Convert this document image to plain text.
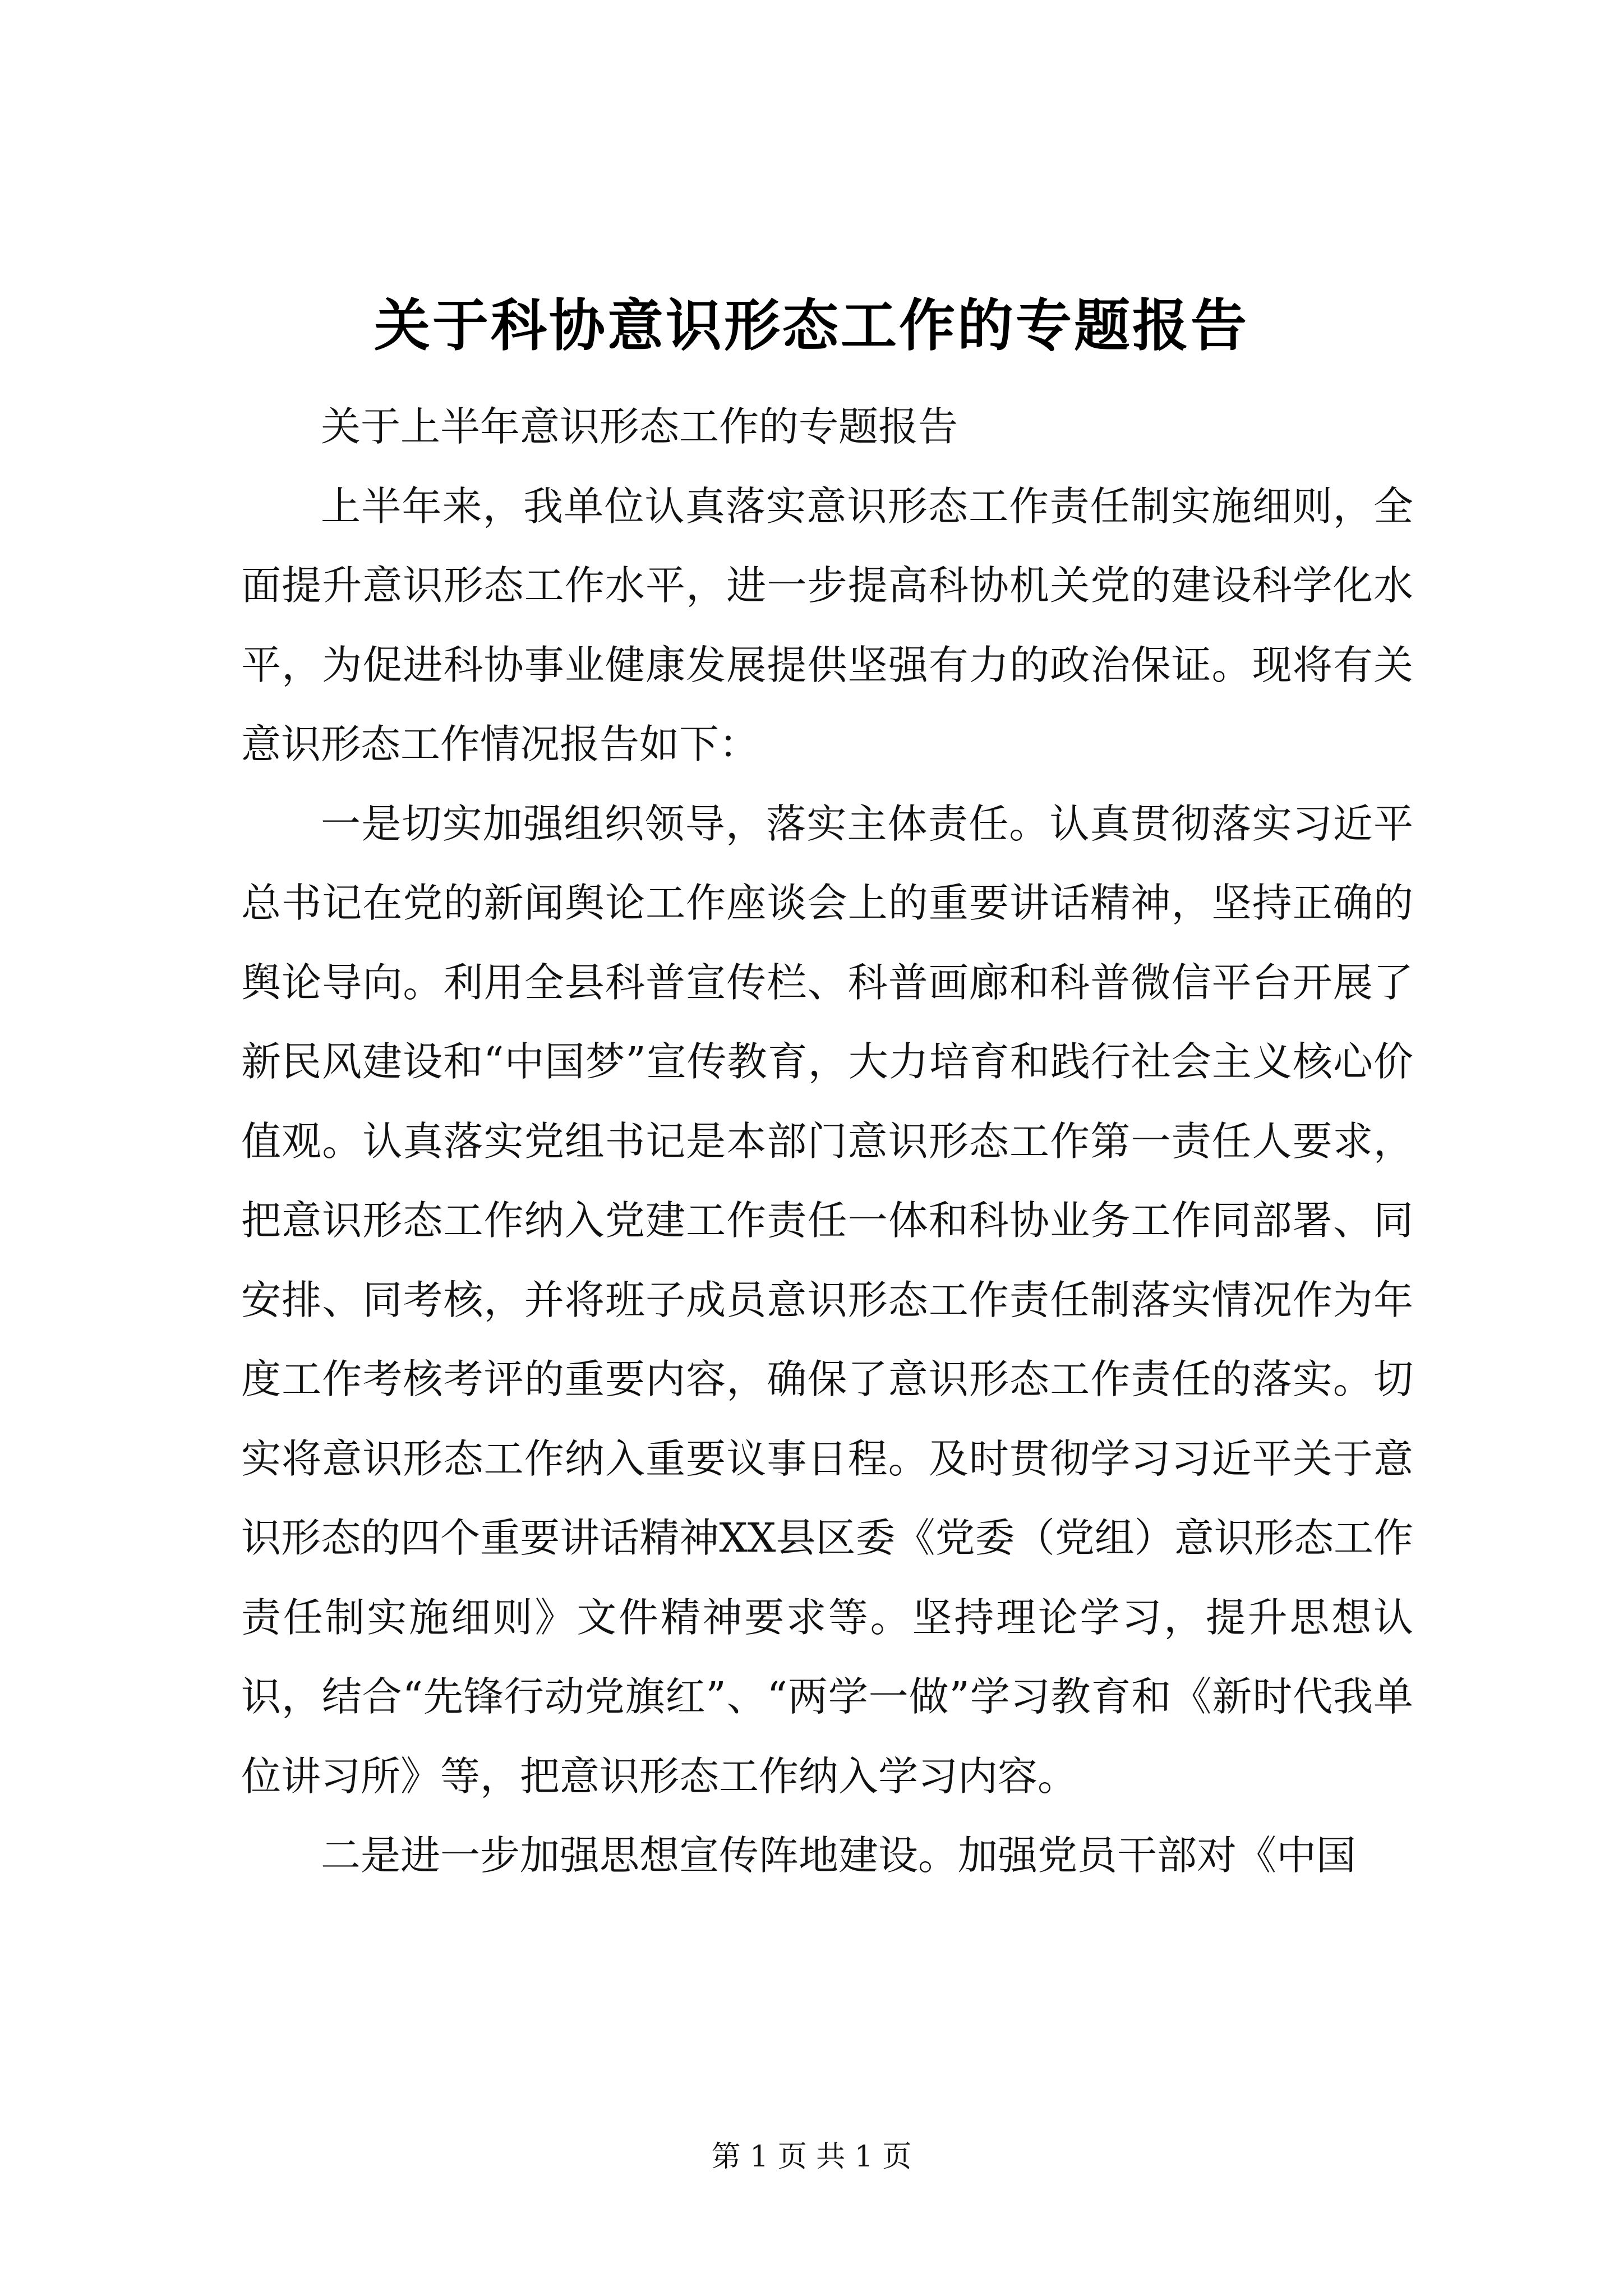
关于科协意识形态工作的专题报告

关于上半年意识形态工作的专题报告

上半年来，我单位认真落实意识形态工作责任制实施细则，全面提升意识形态工作水平，进一步提高科协机关党的建设科学化水平，为促进科协事业健康发展提供坚强有力的政治保证。现将有关意识形态工作情况报告如下：

一是切实加强组织领导，落实主体责任。认真贯彻落实习近平总书记在党的新闻舆论工作座谈会上的重要讲话精神，坚持正确的舆论导向。利用全县科普宣传栏、科普画廊和科普微信平台开展了新民风建设和“中国梦”宣传教育，大力培育和践行社会主义核心价值观。认真落实党组书记是本部门意识形态工作第一责任人要求，把意识形态工作纳入党建工作责任一体和科协业务工作同部署、同安排、同考核，并将班子成员意识形态工作责任制落实情况作为年度工作考核考评的重要内容，确保了意识形态工作责任的落实。切实将意识形态工作纳入重要议事日程。及时贯彻学习习近平关于意识形态的四个重要讲话精神XX县区委《党委（党组）意识形态工作责任制实施细则》文件精神要求等。坚持理论学习，提升思想认识，结合“先锋行动党旗红”、“两学一做”学习教育和《新时代我单位讲习所》等，把意识形态工作纳入学习内容。

二是进一步加强思想宣传阵地建设。加强党员干部对《中国

第 1 页 共 1 页
